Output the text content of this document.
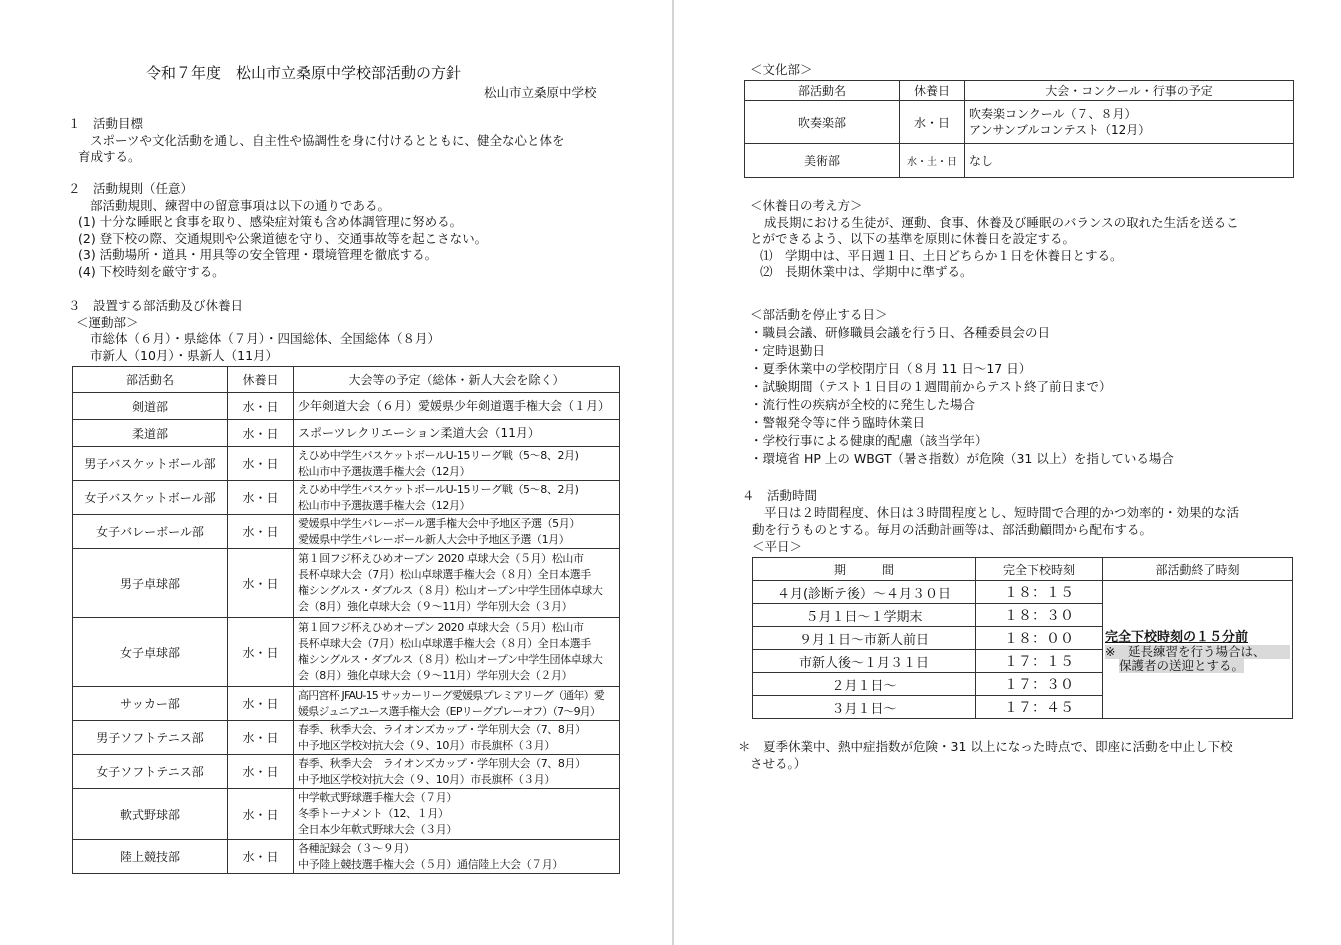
令和７年度　松山市立桑原中学校部活動の方針
松山市立桑原中学校
１　活動目標
スポーツや文化活動を通し、自主性や協調性を身に付けるとともに、健全な心と体を
育成する。
２　活動規則（任意）
部活動規則、練習中の留意事項は以下の通りである。
(1) 十分な睡眠と食事を取り、感染症対策も含め体調管理に努める。
(2) 登下校の際、交通規則や公衆道徳を守り、交通事故等を起こさない。
(3) 活動場所・道具・用具等の安全管理・環境管理を徹底する。
(4) 下校時刻を厳守する。
３　設置する部活動及び休養日
＜運動部＞
市総体（６月）・県総体（７月）・四国総体、全国総体（８月）
市新人（10月）・県新人（11月）
部活動名	休養日	大会等の予定（総体・新人大会を除く）
剣道部	水・日	少年剣道大会（６月）愛媛県少年剣道選手権大会（１月）

柔道部	水・日	スポーツレクリエーション柔道大会（11月）

男子バスケットボール部	水・日	えひめ中学生バスケットボールU-15リーグ戦（5～8、2月)
松山市中予選抜選手権大会（12月）

女子バスケットボール部	水・日	えひめ中学生バスケットボールU-15リーグ戦（5～8、2月)
松山市中予選抜選手権大会（12月）

女子バレーボール部	水・日	愛媛県中学生バレーボール選手権大会中予地区予選（5月）
愛媛県中学生バレーボール新人大会中予地区予選（1月）

男子卓球部	水・日	第１回フジ杯えひめオープン 2020 卓球大会（５月）松山市
長杯卓球大会（7月）松山卓球選手権大会（８月）全日本選手
権シングルス・ダブルス（８月）松山オープン中学生団体卓球大
会（8月）強化卓球大会（９～11月）学年別大会（３月）

女子卓球部	水・日	第１回フジ杯えひめオープン 2020 卓球大会（５月）松山市
長杯卓球大会（7月）松山卓球選手権大会（８月）全日本選手
権シングルス・ダブルス（８月）松山オープン中学生団体卓球大
会（8月）強化卓球大会（９～11月）学年別大会（２月）

サッカー部	水・日	高円宮杯 JFAU-15 サッカーリーグ愛媛県プレミアリーグ（通年）愛
媛県ジュニアユース選手権大会（EPリーグプレーオフ）（7～9月）

男子ソフトテニス部	水・日	春季、秋季大会、ライオンズカップ・学年別大会（7、8月）
中予地区学校対抗大会（９、10月）市長旗杯（３月）

女子ソフトテニス部	水・日	春季、秋季大会　ライオンズカップ・学年別大会（7、8月）
中予地区学校対抗大会（９、10月）市長旗杯（３月）

軟式野球部	水・日	中学軟式野球選手権大会（７月）
冬季トーナメント（12、１月）
全日本少年軟式野球大会（３月）

陸上競技部	水・日	各種記録会（３～９月）
中予陸上競技選手権大会（５月）通信陸上大会（７月）
＜文化部＞
部活動名	休養日	大会・コンクール・行事の予定
吹奏楽部	水・日	吹奏楽コンクール（７、８月）
アンサンブルコンテスト（12月）

美術部	水・土・日	なし
＜休養日の考え方＞
成長期における生徒が、運動、食事、休養及び睡眠のバランスの取れた生活を送るこ
とができるよう、以下の基準を原則に休養日を設定する。
⑴　学期中は、平日週１日、土日どちらか１日を休養日とする。
⑵　長期休業中は、学期中に準ずる。
＜部活動を停止する日＞
・職員会議、研修職員会議を行う日、各種委員会の日
・定時退勤日
・夏季休業中の学校閉庁日（８月 11 日～17 日）
・試験期間（テスト１日目の１週間前からテスト終了前日まで）
・流行性の疾病が全校的に発生した場合
・警報発令等に伴う臨時休業日
・学校行事による健康的配慮（該当学年）
・環境省 HP 上の WBGT（暑さ指数）が危険（31 以上）を指している場合
４　活動時間
平日は２時間程度、休日は３時間程度とし、短時間で合理的かつ効率的・効果的な活
動を行うものとする。毎月の活動計画等は、部活動顧問から配布する。
＜平日＞
期　　　間	完全下校時刻	部活動終了時刻
４月(診断テ後）～４月３０日	１８：１５	完全下校時刻の１５分前
※　延長練習を行う場合は、
保護者の送迎とする。
５月１日～１学期末	１８：３０	
９月１日～市新人前日	１８：００	
市新人後～１月３１日	１７：１５	
２月１日～	１７：３０	
３月１日～	１７：４５	
＊　夏季休業中、熱中症指数が危険・31 以上になった時点で、即座に活動を中止し下校
させる。）
